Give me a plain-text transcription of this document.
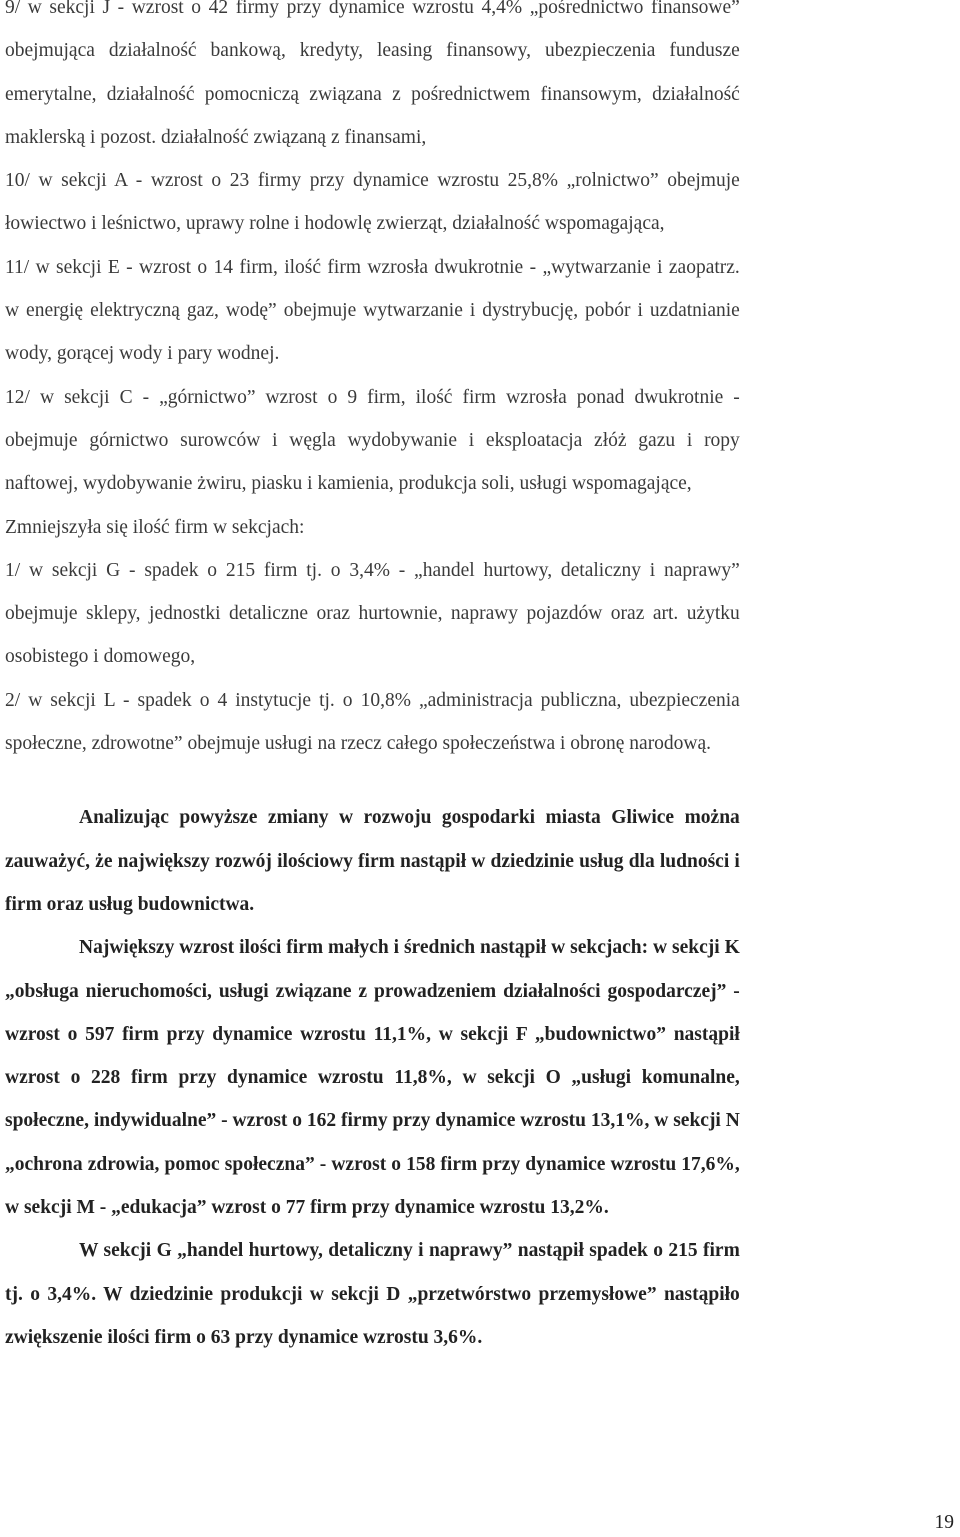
9/ w sekcji J - wzrost o 42 firmy przy dynamice wzrostu 4,4% „pośrednictwo finansowe”
obejmująca działalność bankową, kredyty, leasing finansowy, ubezpieczenia fundusze
emerytalne, działalność pomocniczą związana z pośrednictwem finansowym, działalność
maklerską i pozost. działalność związaną z finansami,
10/ w sekcji A - wzrost o 23 firmy przy dynamice wzrostu 25,8% „rolnictwo” obejmuje
łowiectwo i leśnictwo, uprawy rolne i hodowlę zwierząt, działalność wspomagająca,
11/ w sekcji E - wzrost o 14 firm, ilość firm wzrosła dwukrotnie - „wytwarzanie i zaopatrz.
w energię elektryczną gaz, wodę” obejmuje wytwarzanie i dystrybucję, pobór i uzdatnianie
wody, gorącej wody i pary wodnej.
12/ w sekcji C - „górnictwo” wzrost o 9 firm, ilość firm wzrosła ponad dwukrotnie -
obejmuje górnictwo surowców i węgla wydobywanie i eksploatacja złóż gazu i ropy
naftowej, wydobywanie żwiru, piasku i kamienia, produkcja soli, usługi wspomagające,
Zmniejszyła się ilość firm w sekcjach:
1/ w sekcji G - spadek o 215 firm tj. o 3,4% - „handel hurtowy, detaliczny i naprawy”
obejmuje sklepy, jednostki detaliczne oraz hurtownie, naprawy pojazdów oraz art. użytku
osobistego i domowego,
2/ w sekcji L - spadek o 4 instytucje tj. o 10,8% „administracja publiczna, ubezpieczenia
społeczne, zdrowotne” obejmuje usługi na rzecz całego społeczeństwa i obronę narodową.
Analizując powyższe zmiany w rozwoju gospodarki miasta Gliwice można
zauważyć, że największy rozwój ilościowy firm nastąpił w dziedzinie usług dla ludności i
firm oraz usług budownictwa.
Największy wzrost ilości firm małych i średnich nastąpił w sekcjach: w sekcji K
„obsługa nieruchomości, usługi związane z prowadzeniem działalności gospodarczej” -
wzrost o 597 firm przy dynamice wzrostu 11,1%, w sekcji F „budownictwo” nastąpił
wzrost o 228 firm przy dynamice wzrostu 11,8%, w sekcji O „usługi komunalne,
społeczne, indywidualne” - wzrost o 162 firmy przy dynamice wzrostu 13,1%, w sekcji N
„ochrona zdrowia, pomoc społeczna” - wzrost o 158 firm przy dynamice wzrostu 17,6%,
w sekcji M - „edukacja” wzrost o 77 firm przy dynamice wzrostu 13,2%.
W sekcji G „handel hurtowy, detaliczny i naprawy” nastąpił spadek o 215 firm
tj. o 3,4%. W dziedzinie produkcji w sekcji D „przetwórstwo przemysłowe” nastąpiło
zwiększenie ilości firm o 63 przy dynamice wzrostu 3,6%.
19
